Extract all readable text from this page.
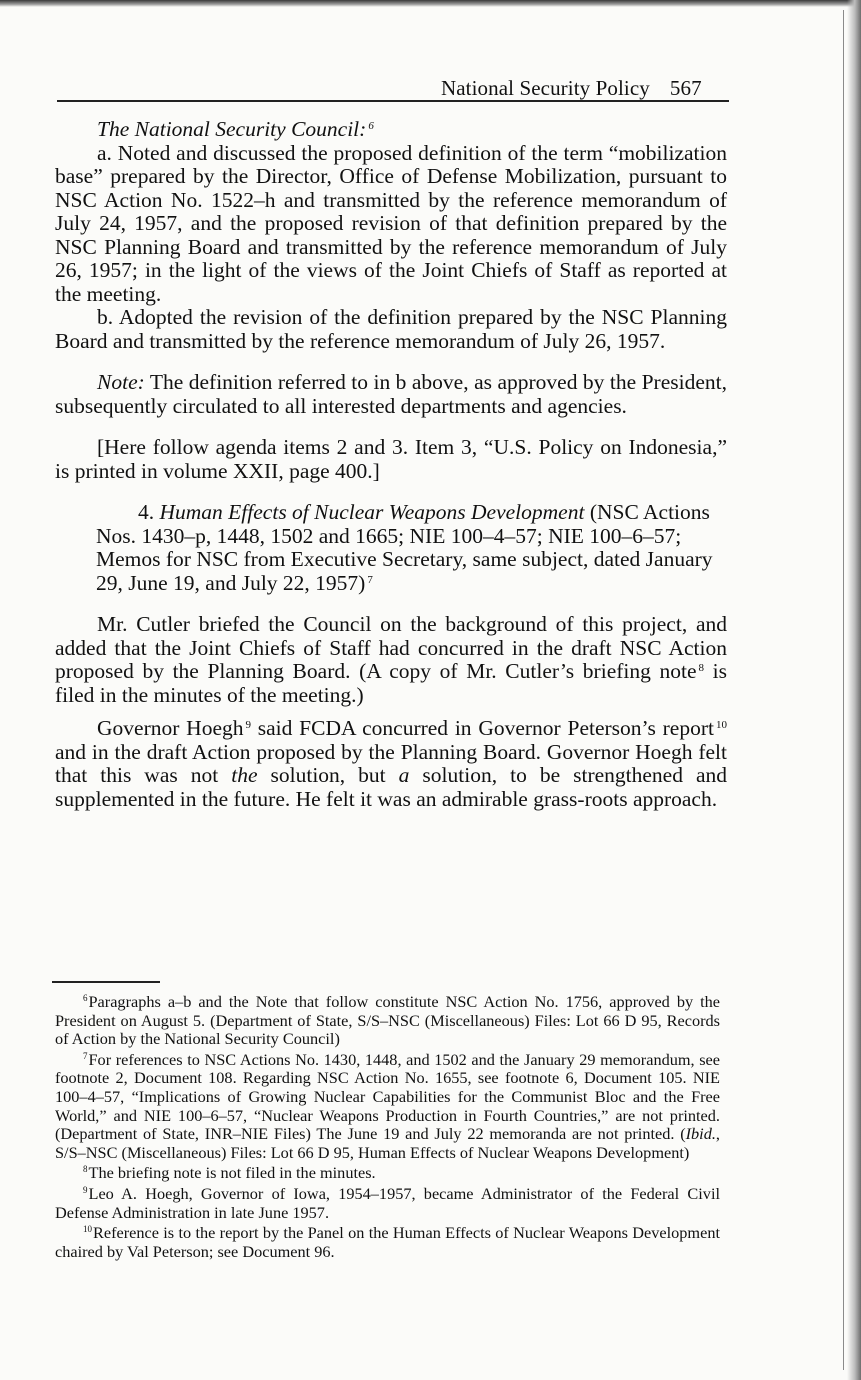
National Security Policy 567

The National Security Council: $^6$

a. Noted and discussed the proposed definition of the term “mobilization base” prepared by the Director, Office of Defense Mobilization, pursuant to NSC Action No. 1522–h and transmitted by the reference memorandum of July 24, 1957, and the proposed revision of that definition prepared by the NSC Planning Board and transmitted by the reference memorandum of July 26, 1957; in the light of the views of the Joint Chiefs of Staff as reported at the meeting.

b. Adopted the revision of the definition prepared by the NSC Planning Board and transmitted by the reference memorandum of July 26, 1957.

Note: The definition referred to in b above, as approved by the President, subsequently circulated to all interested departments and agencies.

[Here follow agenda items 2 and 3. Item 3, “U.S. Policy on Indonesia,” is printed in volume XXII, page 400.]

4. Human Effects of Nuclear Weapons Development (NSC Actions Nos. 1430–p, 1448, 1502 and 1665; NIE 100–4–57; NIE 100–6–57; Memos for NSC from Executive Secretary, same subject, dated January 29, June 19, and July 22, 1957) $^7$

Mr. Cutler briefed the Council on the background of this project, and added that the Joint Chiefs of Staff had concurred in the draft NSC Action proposed by the Planning Board. (A copy of Mr. Cutler’s briefing note $^8$ is filed in the minutes of the meeting.)

Governor Hoegh $^9$ said FCDA concurred in Governor Peterson’s report $^{10}$ and in the draft Action proposed by the Planning Board. Governor Hoegh felt that this was not the solution, but a solution, to be strengthened and supplemented in the future. He felt it was an admirable grass-roots approach.

$^6$Paragraphs a–b and the Note that follow constitute NSC Action No. 1756, approved by the President on August 5. (Department of State, S/S–NSC (Miscellaneous) Files: Lot 66 D 95, Records of Action by the National Security Council)

$^7$For references to NSC Actions No. 1430, 1448, and 1502 and the January 29 memorandum, see footnote 2, Document 108. Regarding NSC Action No. 1655, see footnote 6, Document 105. NIE 100–4–57, “Implications of Growing Nuclear Capabilities for the Communist Bloc and the Free World,” and NIE 100–6–57, “Nuclear Weapons Production in Fourth Countries,” are not printed. (Department of State, INR–NIE Files) The June 19 and July 22 memoranda are not printed. (Ibid., S/S–NSC (Miscellaneous) Files: Lot 66 D 95, Human Effects of Nuclear Weapons Development)

$^8$The briefing note is not filed in the minutes.

$^9$Leo A. Hoegh, Governor of Iowa, 1954–1957, became Administrator of the Federal Civil Defense Administration in late June 1957.

$^{10}$Reference is to the report by the Panel on the Human Effects of Nuclear Weapons Development chaired by Val Peterson; see Document 96.
